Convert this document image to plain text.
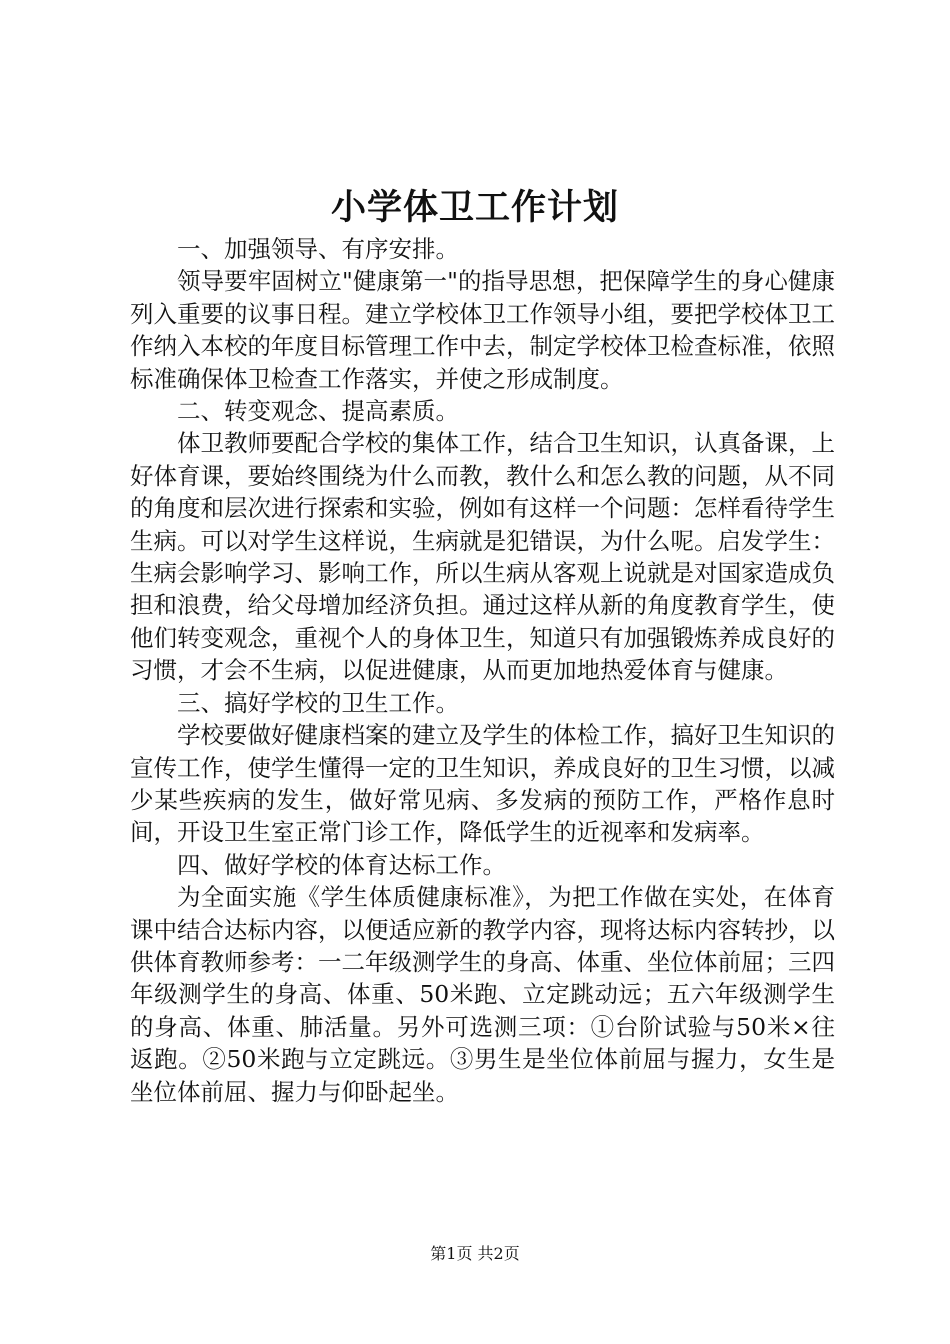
小学体卫工作计划

一、加强领导、有序安排。

领导要牢固树立"健康第一"的指导思想，把保障学生的身心健康列入重要的议事日程。建立学校体卫工作领导小组，要把学校体卫工作纳入本校的年度目标管理工作中去，制定学校体卫检查标准，依照标准确保体卫检查工作落实，并使之形成制度。

二、转变观念、提高素质。

体卫教师要配合学校的集体工作，结合卫生知识，认真备课，上好体育课，要始终围绕为什么而教，教什么和怎么教的问题，从不同的角度和层次进行探索和实验，例如有这样一个问题：怎样看待学生生病。可以对学生这样说，生病就是犯错误，为什么呢。启发学生：生病会影响学习、影响工作，所以生病从客观上说就是对国家造成负担和浪费，给父母增加经济负担。通过这样从新的角度教育学生，使他们转变观念，重视个人的身体卫生，知道只有加强锻炼养成良好的习惯，才会不生病，以促进健康，从而更加地热爱体育与健康。

三、搞好学校的卫生工作。

学校要做好健康档案的建立及学生的体检工作，搞好卫生知识的宣传工作，使学生懂得一定的卫生知识，养成良好的卫生习惯，以减少某些疾病的发生，做好常见病、多发病的预防工作，严格作息时间，开设卫生室正常门诊工作，降低学生的近视率和发病率。

四、做好学校的体育达标工作。

为全面实施《学生体质健康标准》，为把工作做在实处，在体育课中结合达标内容，以便适应新的教学内容，现将达标内容转抄，以供体育教师参考：一二年级测学生的身高、体重、坐位体前屈；三四年级测学生的身高、体重、50米跑、立定跳动远；五六年级测学生的身高、体重、肺活量。另外可选测三项：①台阶试验与50米×往返跑。②50米跑与立定跳远。③男生是坐位体前屈与握力，女生是坐位体前屈、握力与仰卧起坐。

第1页 共2页
